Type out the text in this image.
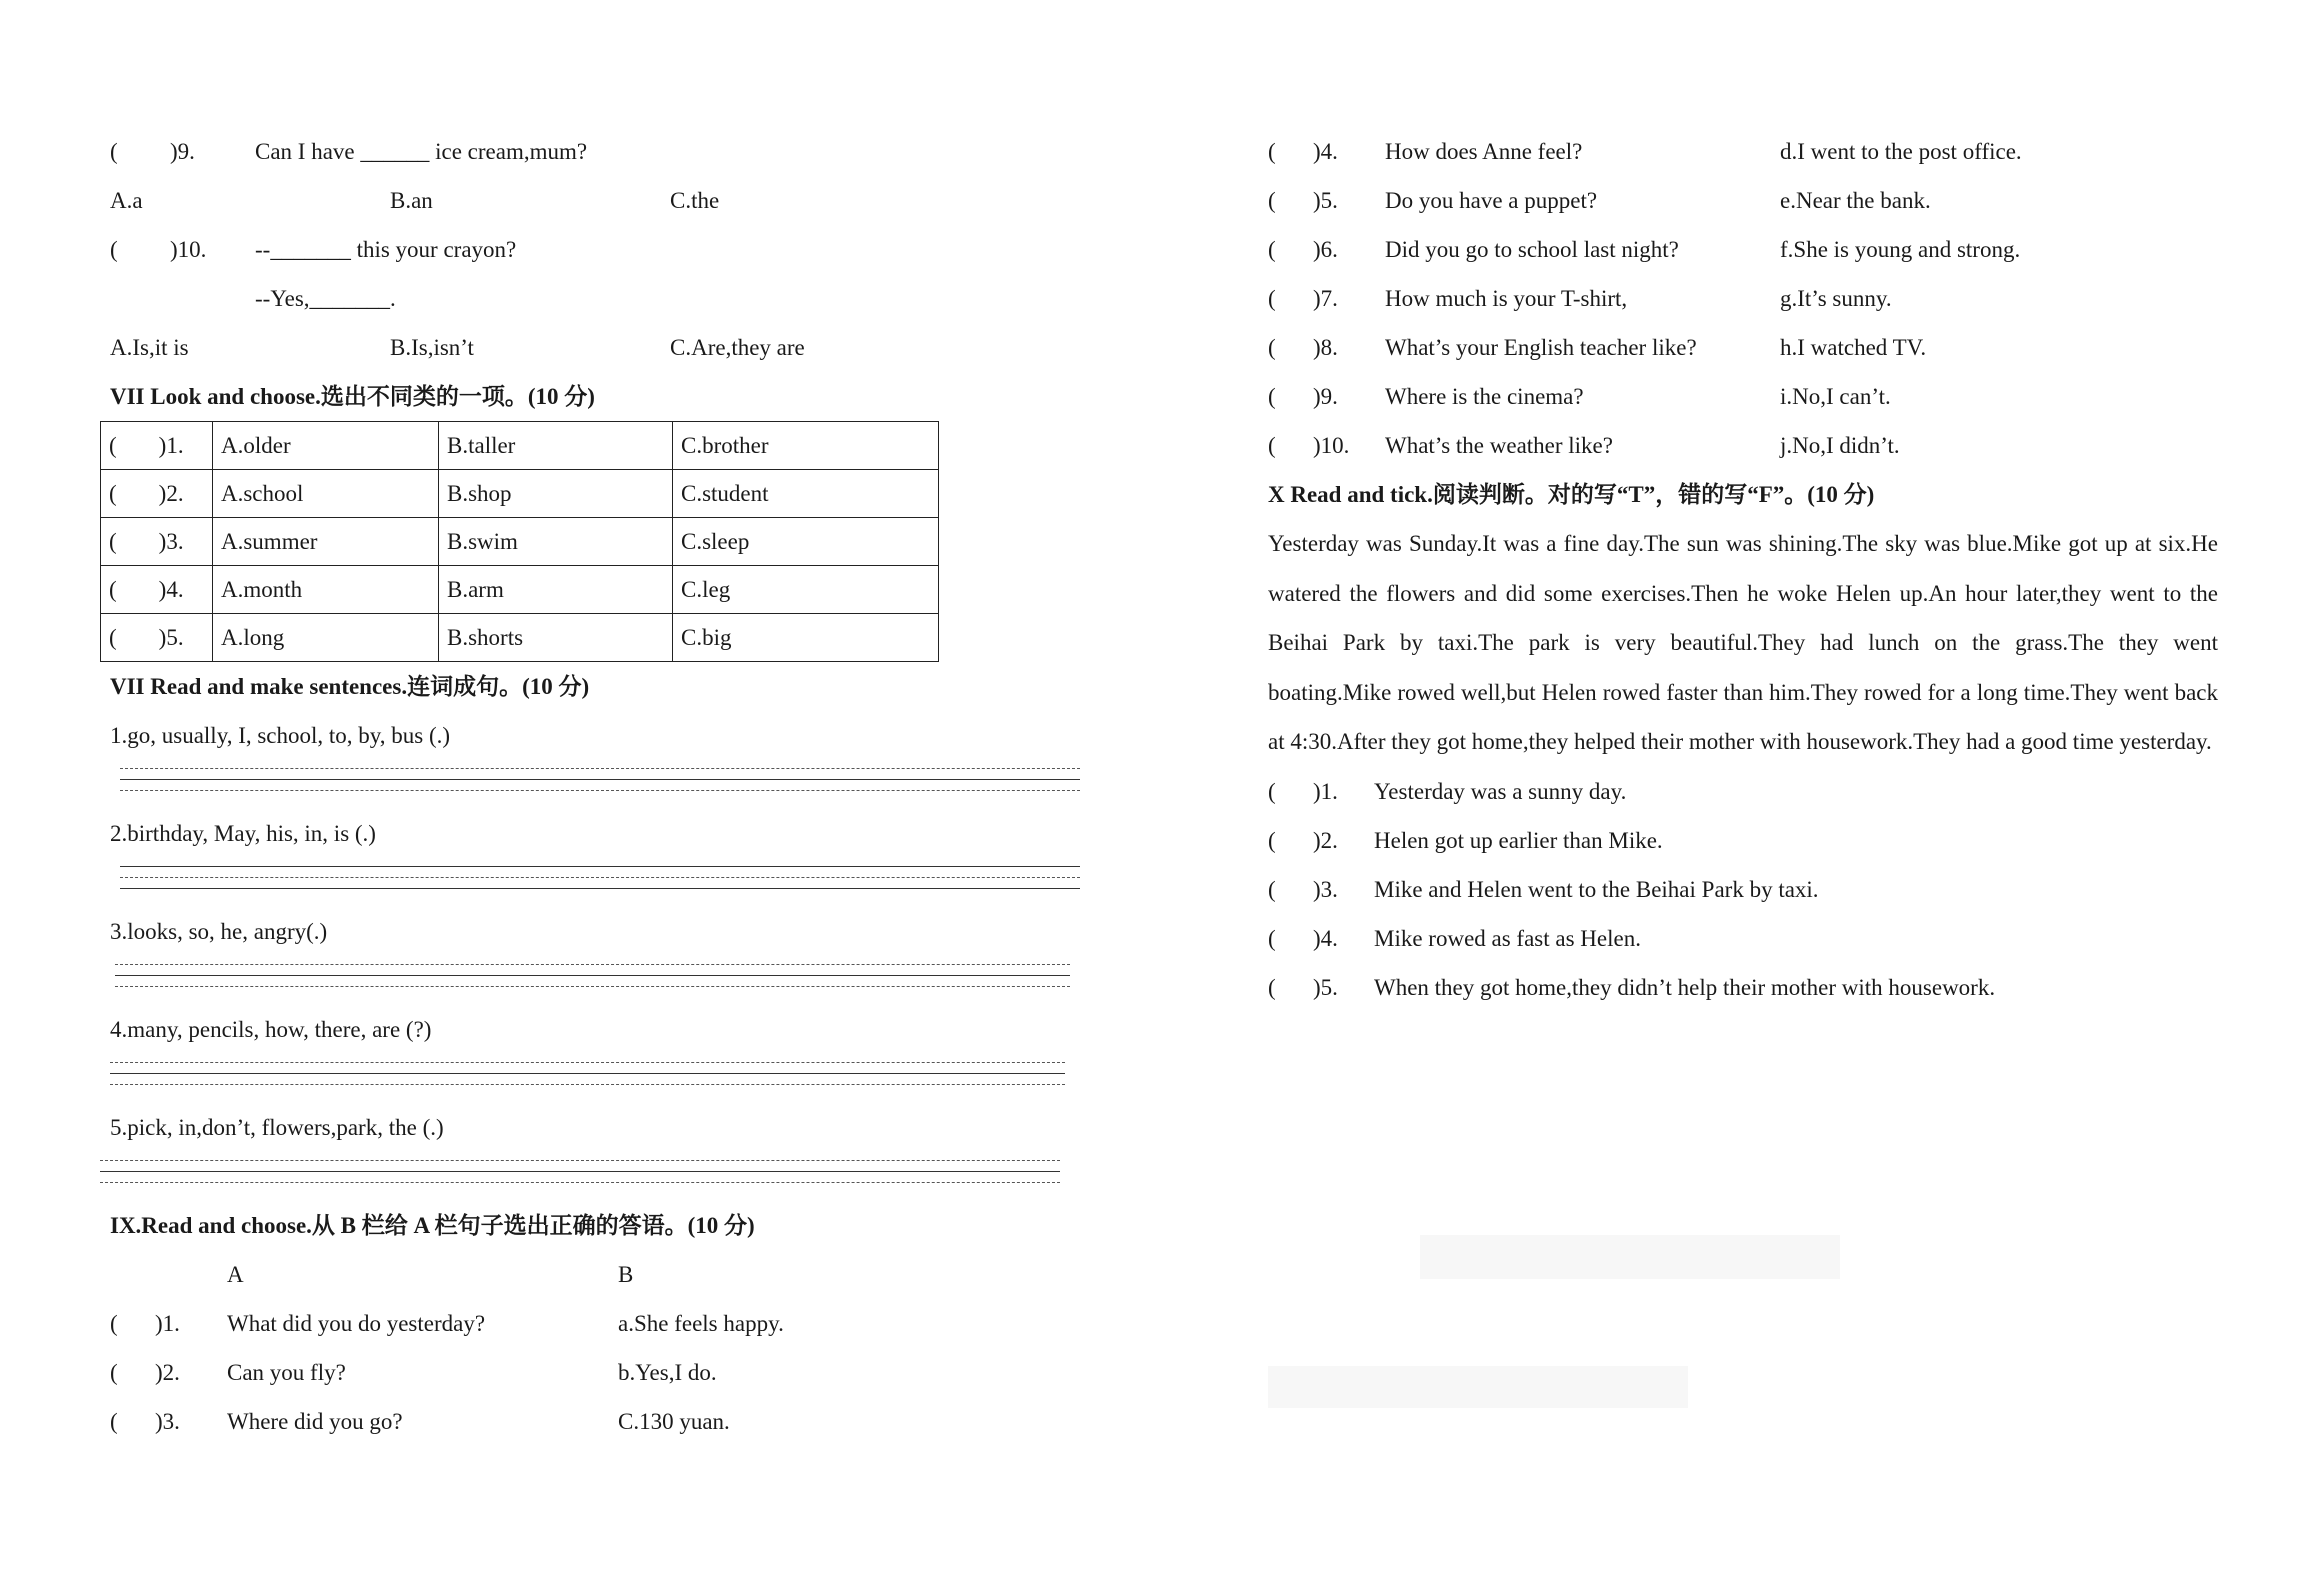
( )9.	Can I have ______ ice cream,mum?
A.a	B.an	C.the
( )10. --_______ this your crayon?
--Yes,_______.
A.Is,it is	B.Is,isn’t	C.Are,they are
VII Look and choose.选出不同类的一项。(10 分)
( )1.	A.older	B.taller	C.brother
( )2.	A.school	B.shop	C.student
( )3.	A.summer	B.swim	C.sleep
( )4.	A.month	B.arm	C.leg
( )5.	A.long	B.shorts	C.big
VII Read and make sentences.连词成句。(10 分)
1.go, usually, I, school, to, by, bus (.)
2.birthday, May, his, in, is (.)
3.looks, so, he, angry(.)
4.many, pencils, how, there, are (?)
5.pick, in,don’t, flowers,park, the (.)
IX.Read and choose.从 B 栏给 A 栏句子选出正确的答语。(10 分)
A	B
( )1. What did you do yesterday?	a.She feels happy.
( )2. Can you fly?	b.Yes,I do.
( )3. Where did you go?	C.130 yuan.
( )4. How does Anne feel?	d.I went to the post office.
( )5. Do you have a puppet?	e.Near the bank.
( )6. Did you go to school last night?	f.She is young and strong.
( )7. How much is your T-shirt,	g.It’s sunny.
( )8. What’s your English teacher like?	h.I watched TV.
( )9. Where is the cinema?	i.No,I can’t.
( )10. What’s the weather like?	j.No,I didn’t.
X Read and tick.阅读判断。对的写“T”，错的写“F”。(10 分)
Yesterday was Sunday.It was a fine day.The sun was shining.The sky was blue.Mike got up at six.He watered the flowers and did some exercises.Then he woke Helen up.An hour later,they went to the Beihai Park by taxi.The park is very beautiful.They had lunch on the grass.The they went boating.Mike rowed well,but Helen rowed faster than him.They rowed for a long time.They went back at 4:30.After they got home,they helped their mother with housework.They had a good time yesterday.
( )1. Yesterday was a sunny day.
( )2. Helen got up earlier than Mike.
( )3. Mike and Helen went to the Beihai Park by taxi.
( )4. Mike rowed as fast as Helen.
( )5. When they got home,they didn’t help their mother with housework.
